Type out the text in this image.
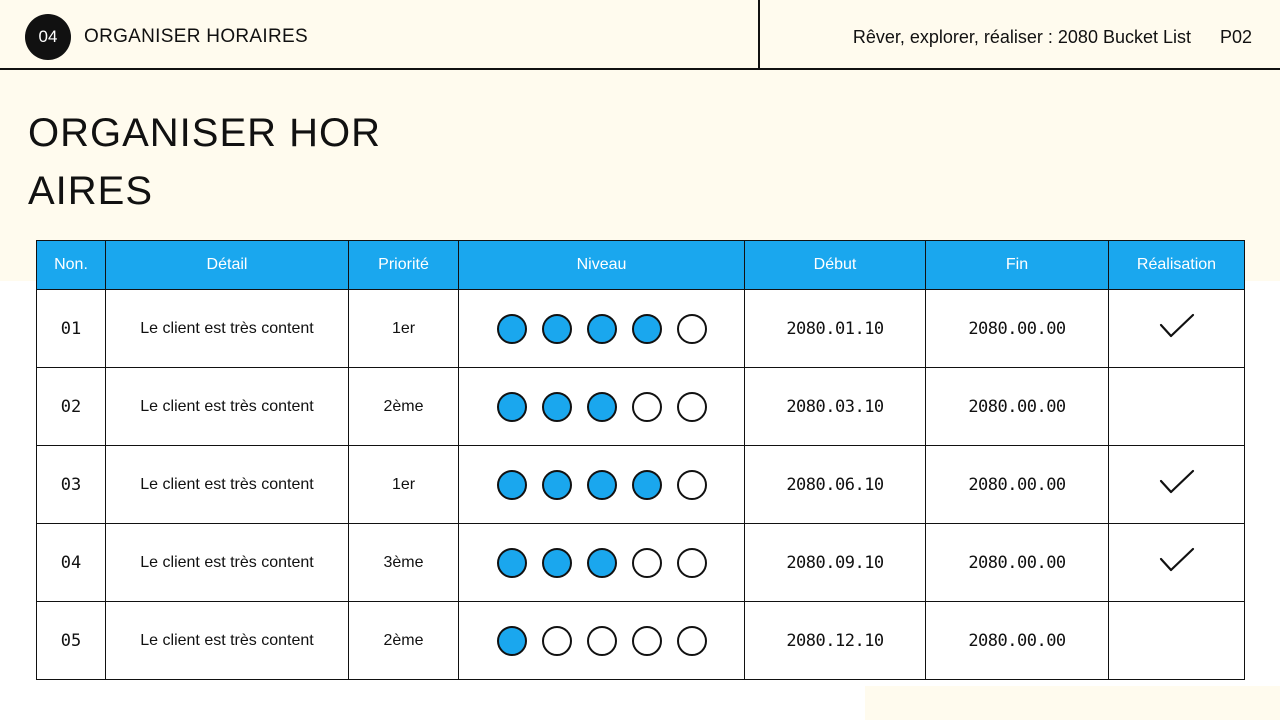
04 ORGANISER HORAIRES	Rêver, explorer, réaliser : 2080 Bucket List P02
ORGANISER HORAIRES
Non.	Détail	Priorité	Niveau	Début	Fin	Réalisation
01	Le client est très content	1er		2080.01.10	2080.00.00	
02	Le client est très content	2ème		2080.03.10	2080.00.00	
03	Le client est très content	1er		2080.06.10	2080.00.00	
04	Le client est très content	3ème		2080.09.10	2080.00.00	
05	Le client est très content	2ème		2080.12.10	2080.00.00	
